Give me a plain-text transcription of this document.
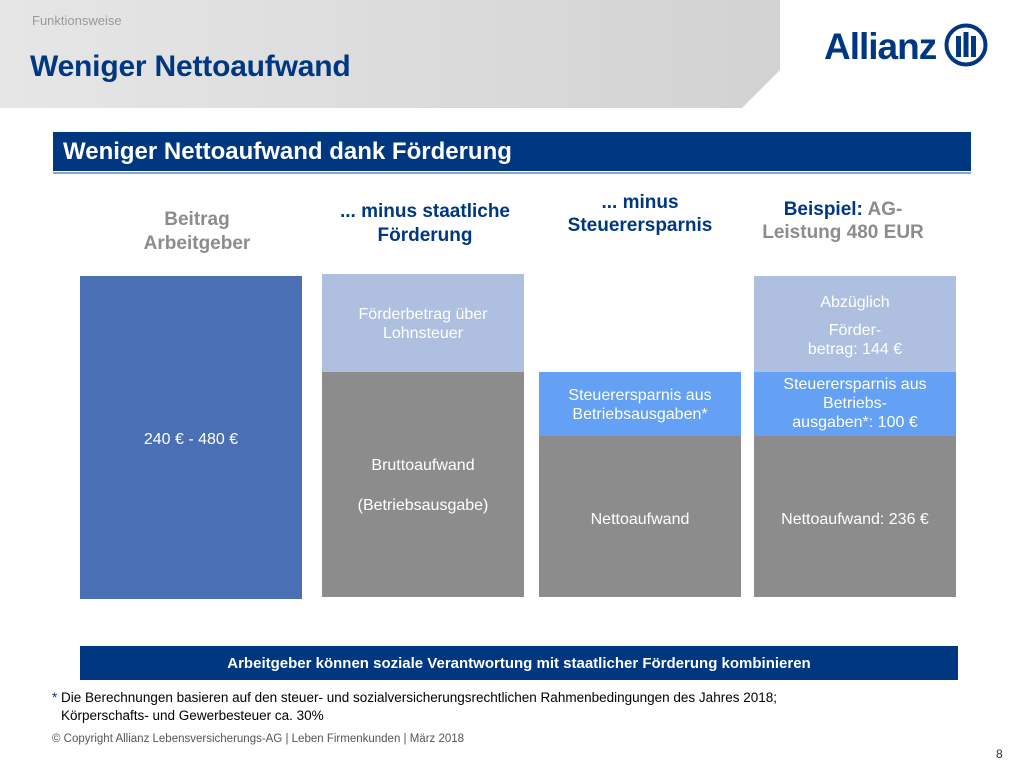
Funktionsweise
Weniger Nettoaufwand	Allianz
Weniger Nettoaufwand dank Förderung
Beitrag
Arbeitgeber
... minus staatliche
Förderung
... minus
Steuerersparnis
Beispiel: AG-
Leistung 480 EUR
240 € - 480 €
Förderbetrag über
Lohnsteuer
Bruttoaufwand
(Betriebsausgabe)
Steuerersparnis aus
Betriebsausgaben*
Nettoaufwand
Abzüglich
Förder-
betrag: 144 €
Steuerersparnis aus
Betriebs-
ausgaben*: 100 €
Nettoaufwand: 236 €
Arbeitgeber können soziale Verantwortung mit staatlicher Förderung kombinieren
* Die Berechnungen basieren auf den steuer- und sozialversicherungsrechtlichen Rahmenbedingungen des Jahres 2018;
Körperschafts- und Gewerbesteuer ca. 30%
© Copyright Allianz Lebensversicherungs-AG | Leben Firmenkunden | März 2018
8
